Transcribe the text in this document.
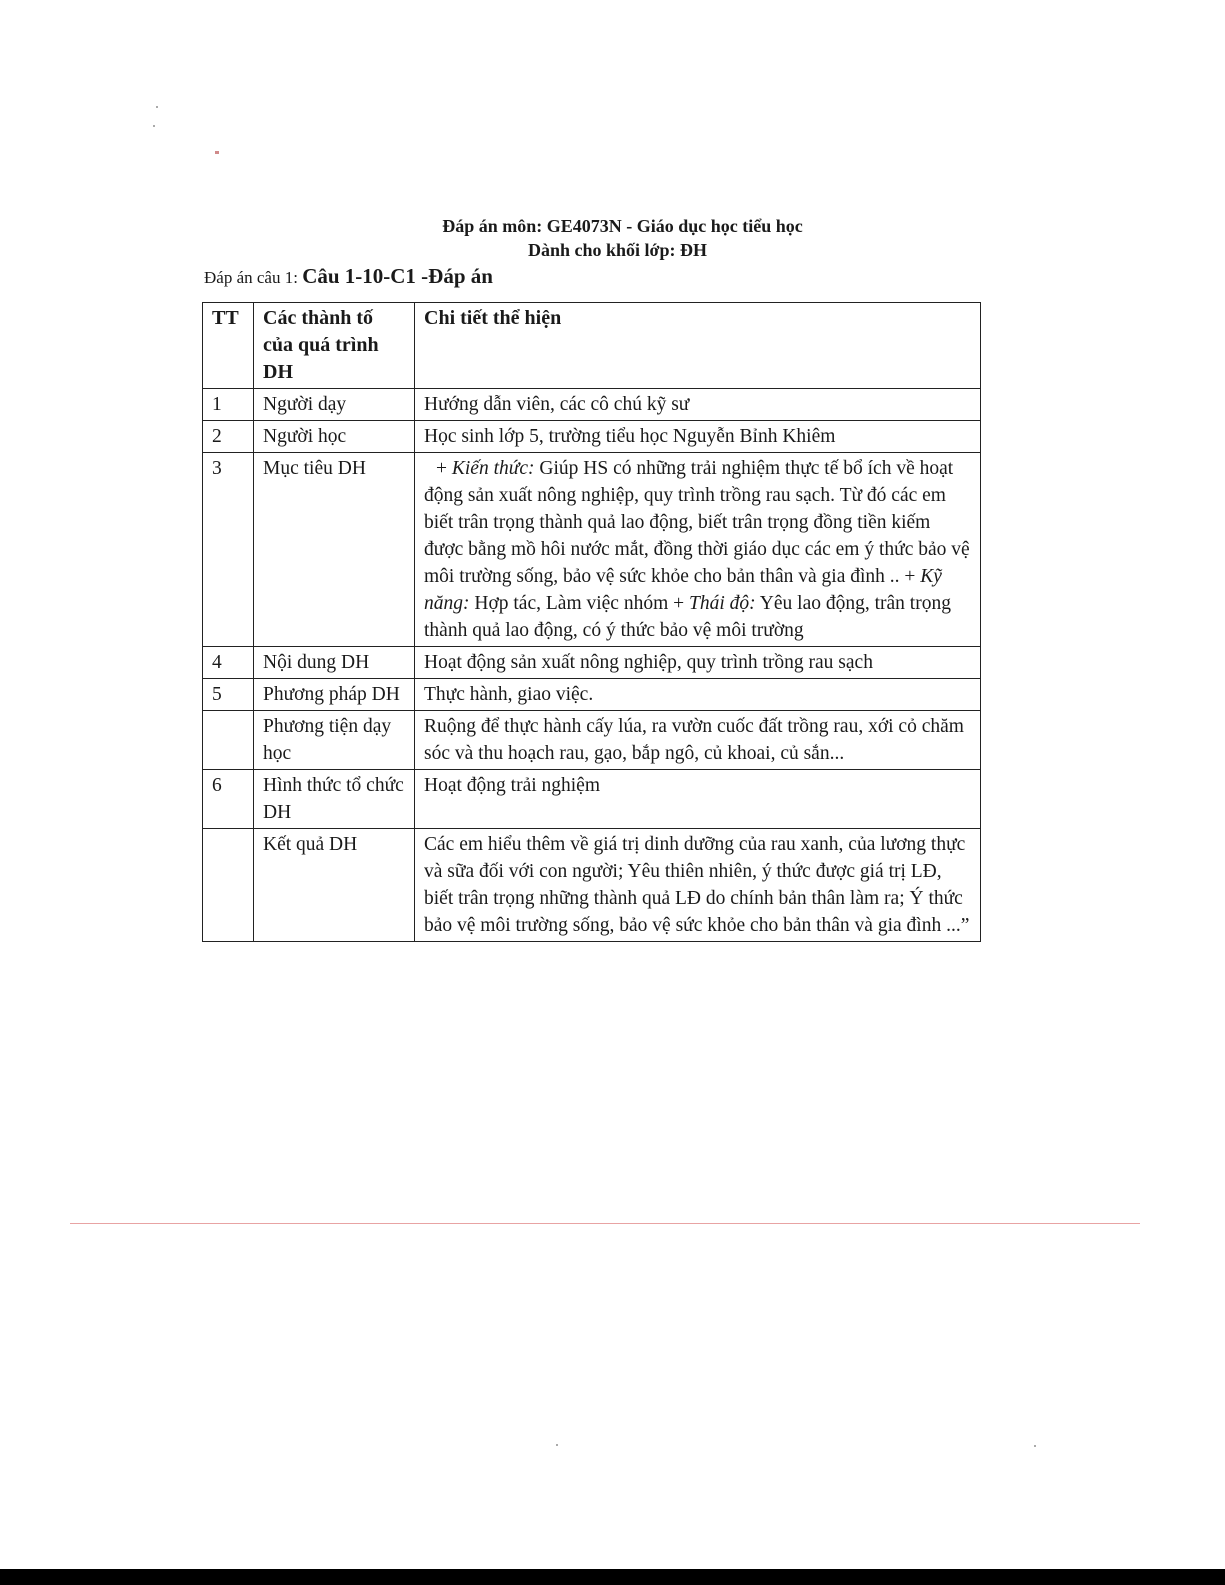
Đáp án môn: GE4073N - Giáo dục học tiểu học
Dành cho khối lớp: ĐH
Đáp án câu 1: Câu 1-10-C1 -Đáp án
TT	Các thành tố của quá trình DH	Chi tiết thể hiện
1	Người dạy	Hướng dẫn viên, các cô chú kỹ sư
2	Người học	Học sinh lớp 5, trường tiểu học Nguyễn Bỉnh Khiêm
3	Mục tiêu DH	+ Kiến thức: Giúp HS có những trải nghiệm thực tế bổ ích về hoạt động sản xuất nông nghiệp, quy trình trồng rau sạch. Từ đó các em biết trân trọng thành quả lao động, biết trân trọng đồng tiền kiếm được bằng mồ hôi nước mắt, đồng thời giáo dục các em ý thức bảo vệ môi trường sống, bảo vệ sức khỏe cho bản thân và gia đình .. + Kỹ năng: Hợp tác, Làm việc nhóm + Thái độ: Yêu lao động, trân trọng thành quả lao động, có ý thức bảo vệ môi trường
4	Nội dung DH	Hoạt động sản xuất nông nghiệp, quy trình trồng rau sạch
5	Phương pháp DH	Thực hành, giao việc.
	Phương tiện dạy học	Ruộng để thực hành cấy lúa, ra vườn cuốc đất trồng rau, xới cỏ chăm sóc và thu hoạch rau, gạo, bắp ngô, củ khoai, củ sắn...
6	Hình thức tổ chức DH	Hoạt động trải nghiệm
	Kết quả DH	Các em hiểu thêm về giá trị dinh dưỡng của rau xanh, của lương thực và sữa đối với con người; Yêu thiên nhiên, ý thức được giá trị LĐ, biết trân trọng những thành quả LĐ do chính bản thân làm ra; Ý thức bảo vệ môi trường sống, bảo vệ sức khỏe cho bản thân và gia đình ...”
